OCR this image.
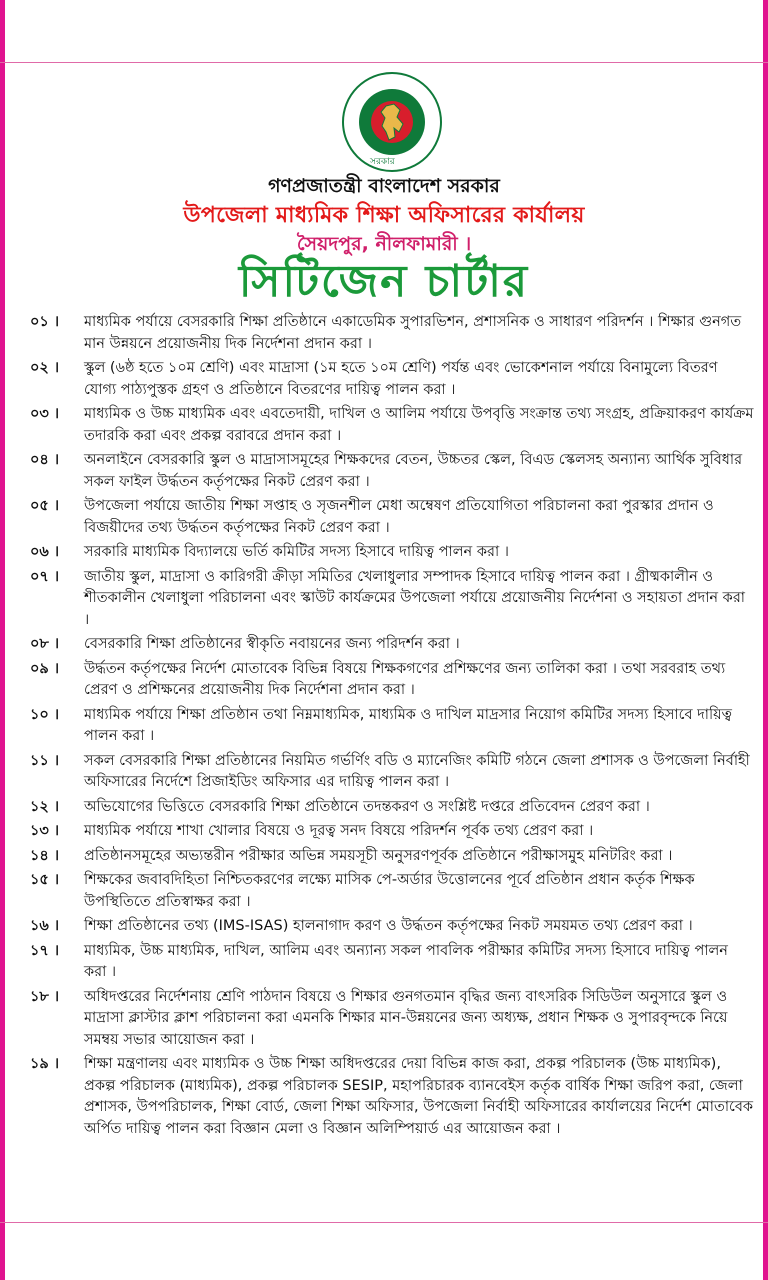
সরকার
গণপ্রজাতন্ত্রী বাংলাদেশ সরকার
উপজেলা মাধ্যমিক শিক্ষা অফিসারের কার্যালয়
সৈয়দপুর, নীলফামারী ।
সিটিজেন চার্টার
০১ ।	মাধ্যমিক পর্যায়ে বেসরকারি শিক্ষা প্রতিষ্ঠানে একাডেমিক সুপারভিশন, প্রশাসনিক ও সাধারণ পরিদর্শন । শিক্ষার গুনগত মান উন্নয়নে প্রয়োজনীয় দিক নির্দেশনা প্রদান করা ।
০২ ।	স্কুল (৬ষ্ঠ হতে ১০ম শ্রেণি) এবং মাদ্রাসা (১ম হতে ১০ম শ্রেণি) পর্যন্ত এবং ভোকেশনাল পর্যায়ে বিনামুল্যে বিতরণ যোগ্য পাঠ্যপুস্তক গ্রহণ ও প্রতিষ্ঠানে বিতরণের দায়িত্ব পালন করা ।
০৩ ।	মাধ্যমিক ও উচ্চ মাধ্যমিক এবং এবতেদায়ী, দাখিল ও আলিম পর্যায়ে উপবৃত্তি সংক্রান্ত তথ্য সংগ্রহ, প্রক্রিয়াকরণ কার্যক্রম তদারকি করা এবং প্রকল্প বরাবরে প্রদান করা ।
০৪ ।	অনলাইনে বেসরকারি স্কুল ও মাদ্রাসাসমূহের শিক্ষকদের বেতন, উচ্চতর স্কেল, বিএড স্কেলসহ অন্যান্য আর্থিক সুবিধার সকল ফাইল উর্দ্ধতন কর্তৃপক্ষের নিকট প্রেরণ করা ।
০৫ ।	উপজেলা পর্যায়ে জাতীয় শিক্ষা সপ্তাহ ও সৃজনশীল মেধা অম্বেষণ প্রতিযোগিতা পরিচালনা করা পুরস্কার প্রদান ও বিজয়ীদের তথ্য উর্দ্ধতন কর্তৃপক্ষের নিকট প্রেরণ করা ।
০৬ ।	সরকারি মাধ্যমিক বিদ্যালয়ে ভর্তি কমিটির সদস্য হিসাবে দায়িত্ব পালন করা ।
০৭ ।	জাতীয় স্কুল, মাদ্রাসা ও কারিগরী ক্রীড়া সমিতির খেলাধুলার সম্পাদক হিসাবে দায়িত্ব পালন করা । গ্রীষ্মকালীন ও শীতকালীন খেলাধুলা পরিচালনা এবং স্কাউট কার্যক্রমের উপজেলা পর্যায়ে প্রয়োজনীয় নির্দেশনা ও সহায়তা প্রদান করা ।
০৮ ।	বেসরকারি শিক্ষা প্রতিষ্ঠানের স্বীকৃতি নবায়নের জন্য পরিদর্শন করা ।
০৯ ।	উর্দ্ধতন কর্তৃপক্ষের নির্দেশ মোতাবেক বিভিন্ন বিষয়ে শিক্ষকগণের প্রশিক্ষণের জন্য তালিকা করা । তথা সরবরাহ তথ্য প্রেরণ ও প্রশিক্ষনের প্রয়োজনীয় দিক নির্দেশনা প্রদান করা ।
১০ ।	মাধ্যমিক পর্যায়ে শিক্ষা প্রতিষ্ঠান তথা নিম্নমাধ্যমিক, মাধ্যমিক ও দাখিল মাদ্রসার নিয়োগ কমিটির সদস্য হিসাবে দায়িত্ব পালন করা ।
১১ ।	সকল বেসরকারি শিক্ষা প্রতিষ্ঠানের নিয়মিত গর্ভর্ণিং বডি ও ম্যানেজিং কমিটি গঠনে জেলা প্রশাসক ও উপজেলা নির্বাহী অফিসারের নির্দেশে প্রিজাইডিং অফিসার এর দায়িত্ব পালন করা ।
১২ ।	অভিযোগের ভিত্তিতে বেসরকারি শিক্ষা প্রতিষ্ঠানে তদন্তকরণ ও সংশ্লিষ্ট দপ্তরে প্রতিবেদন প্রেরণ করা ।
১৩ ।	মাধ্যমিক পর্যায়ে শাখা খোলার বিষয়ে ও দূরত্ব সনদ বিষয়ে পরিদর্শন পূর্বক তথ্য প্রেরণ করা ।
১৪ ।	প্রতিষ্ঠানসমূহের অভ্যন্তরীন পরীক্ষার অভিন্ন সময়সূচী অনুসরণপূর্বক প্রতিষ্ঠানে পরীক্ষাসমুহ মনিটরিং করা ।
১৫ ।	শিক্ষকের জবাবদিহিতা নিশ্চিতকরণের লক্ষ্যে মাসিক পে-অর্ডার উত্তোলনের পূর্বে প্রতিষ্ঠান প্রধান কর্তৃক শিক্ষক উপস্থিতিতে প্রতিস্বাক্ষর করা ।
১৬ ।	শিক্ষা প্রতিষ্ঠানের তথ্য (IMS-ISAS) হালনাগাদ করণ ও উর্দ্ধতন কর্তৃপক্ষের নিকট সময়মত তথ্য প্রেরণ করা ।
১৭ ।	মাধ্যমিক, উচ্চ মাধ্যমিক, দাখিল, আলিম এবং অন্যান্য সকল পাবলিক পরীক্ষার কমিটির সদস্য হিসাবে দায়িত্ব পালন করা ।
১৮ ।	অধিদপ্তরের নির্দেশনায় শ্রেণি পাঠদান বিষয়ে ও শিক্ষার গুনগতমান বৃদ্ধির জন্য বাৎসরিক সিডিউল অনুসারে স্কুল ও মাদ্রাসা ক্লাস্টার ক্লাশ পরিচালনা করা এমনকি শিক্ষার মান-উন্নয়নের জন্য অধ্যক্ষ, প্রধান শিক্ষক ও সুপারবৃন্দকে নিয়ে সমম্বয় সভার আয়োজন করা ।
১৯ ।	শিক্ষা মন্ত্রণালয় এবং মাধ্যমিক ও উচ্চ শিক্ষা অধিদপ্তরের দেয়া বিভিন্ন কাজ করা, প্রকল্প পরিচালক (উচ্চ মাধ্যমিক), প্রকল্প পরিচালক (মাধ্যমিক), প্রকল্প পরিচালক SESIP, মহাপরিচারক ব্যানবেইস কর্তৃক বার্ষিক শিক্ষা জরিপ করা, জেলা প্রশাসক, উপপরিচালক, শিক্ষা বোর্ড, জেলা শিক্ষা অফিসার, উপজেলা নির্বাহী অফিসারের কার্যালয়ের নির্দেশ মোতাবেক অর্পিত দায়িত্ব পালন করা বিজ্ঞান মেলা ও বিজ্ঞান অলিম্পিয়ার্ড এর আয়োজন করা ।
